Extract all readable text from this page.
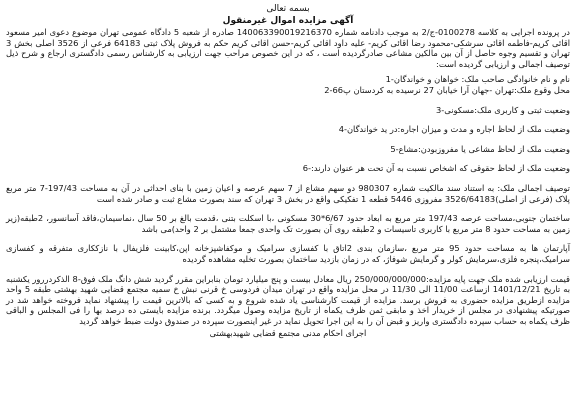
بسمه تعالی

آگهی مزایده اموال غیرمنقول

در پرونده اجرایی به کلاسه 0100278-ج/2 به موجب دادنامه شماره 140063390019216370 صادره از شعبه 5 دادگاه عمومی تهران موضوع دعوی امیر مسعود اقائی کریم-فاطمه اقائی سرشکی-محمود رضا اقائی کریم- علیه داود اقائی کریم-حسن اقائی کریم حکم به فروش پلاک ثبتی 64183 فرعی از 3526 اصلی بخش 3 تهران و تقسیم وجوه حاصل از آن بین مالکین مشاعی صادرگردیده است ، که در این خصوص مراحب جهت ارزیابی به کارشناس رسمی دادگستری ارجاع و شرح ذیل توصیف اجمالی و ارزیابی گردیده است:

نام و نام خانوادگی صاحب ملک: خواهان و خواندگان-1

محل وقوع ملک:تهران -جهان آرا خیابان 27 نرسیده به کردستان پ66-2

وضعیت ثبتی و کاربری ملک:مسکونی-3

وضعیت ملک از لحاظ اجاره و مدت و میزان اجاره:در ید خواندگان-4

وضعیت ملک از لحاظ مشاعی یا مفروزبودن:مشاع-5

وضعیت ملک از لحاظ حقوقی که اشخاص نسبت به آن تحت هر عنوان دارند:-6

توصیف اجمالی ملک: به استناد سند مالکیت شماره 980307 دو سهم مشاع از 7 سهم عرصه و اعیان زمین با بنای احداثی در آن به مساحت 197/43-7 متر مربع پلاک (فرعی از اصلی)3526/64183 مفروزی 5446 قطعه 1 تفکیکی واقع در بخش 3 تهران که سند بصورت مشاع ثبت و صادر شده است

ساختمان جنوبی،مساحت عرصه 197/43 متر مربع به ابعاد حدود 6/67*30 مسکونی ،با اسکلت بتنی ،قدمت بالغ بر 50 سال ،نماسیمان،فاقد آسانسور، 2طبقه(زیر زمین به مساحت حدود 8 متر مربع با کاربری تاسیسات و 2طبقه روی آن بصورت تک واحدی جمعا مشتمل بر 2 واحد)می باشد

آپارتمان ها به مساحت حدود 95 متر مربع ،سازمان بندی 2اتاق با کفسازی سرامیک و موکفاشپزخانه اپن،کابینت فلزیفال با نازککاری متفرقه و کفسازی سرامیک،پنجره فلزی،سرمایش کولر و گرمایش شوفاژ، که در زمان بازدید ساختمان بصورت تخلیه مشاهده گردیده

قیمت ارزیابی شده ملک جهت پایه مزایده:250/000/000/000 ریال معادل بیست و پنج میلیارد تومان بنابراین مقرر گردید شش دانگ ملک فوق-8 الذکردررور یکشنبه به تاریخ 1401/12/21 ازساعت 11/00 الی 11/30 در محل مزایده واقع در تهران میدان فردوسی خ قرنی نبش خ سمیه مجتمع قضایی شهید بهشتی طبقه 5 واحد مزایده ازطریق مزایده حضوری به فروش برسد. مزایده از قیمت کارشناسی یاد شده شروع و به کسی که بالاترین قیمت را پیشنهاد نماید فروخته خواهد شد در صورتیکه پیشنهادی در مجلس از خریدار اخذ و مابقی ثمن ظرف یکماه از تاریخ مزایده وصول میگردد. برنده مزایده بایستی ده درصد بها را فی المجلس و الباقی ظرف یکماه به حساب سپرده دادگستری واریز و قبض آن را به این اجرا تحویل نماید در غیر اینصورت سپرده در صندوق دولت ضبط خواهد گردید

اجرای احکام مدنی مجتمع قضایی شهیدبهشتی
